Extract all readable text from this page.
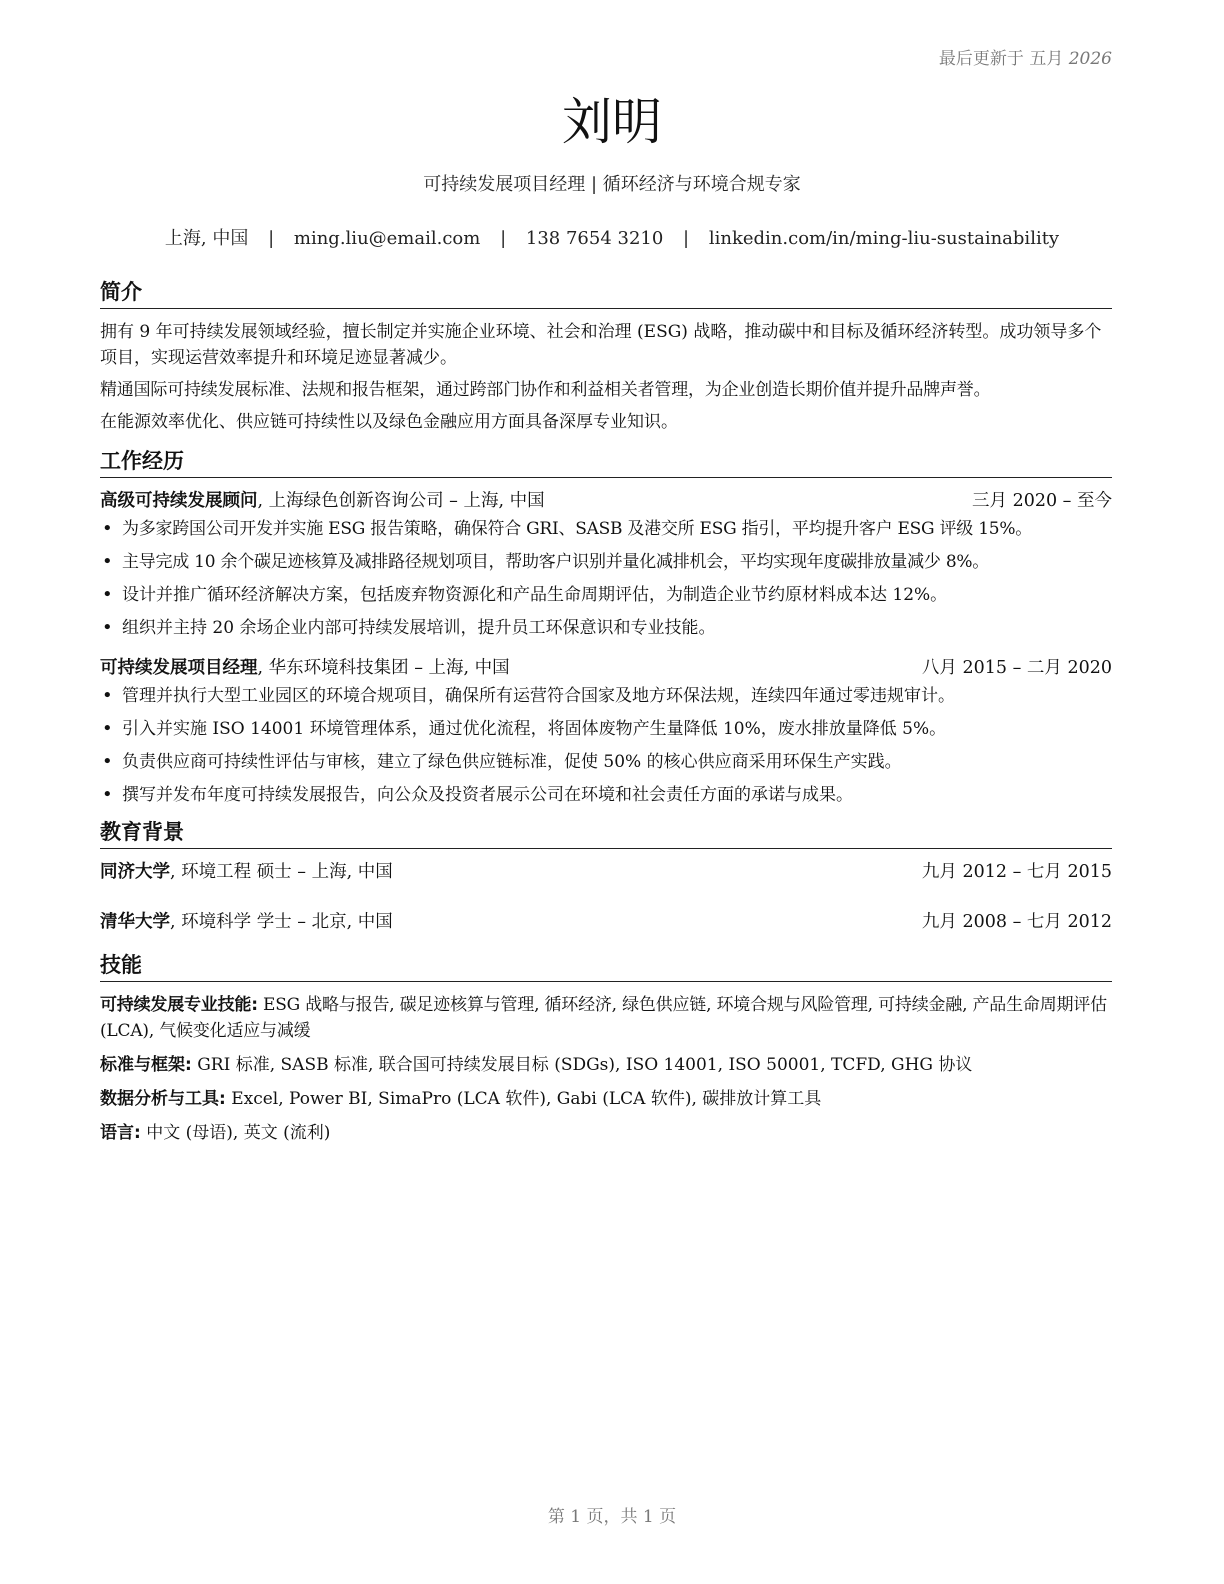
最后更新于 五月 2026
刘明
可持续发展项目经理 | 循环经济与环境合规专家
上海, 中国 | ming.liu@email.com | 138 7654 3210 | linkedin.com/in/ming-liu-sustainability
简介

拥有 9 年可持续发展领域经验，擅长制定并实施企业环境、社会和治理 (ESG) 战略，推动碳中和目标及循环经济转型。成功领导多个项目，实现运营效率提升和环境足迹显著减少。

精通国际可持续发展标准、法规和报告框架，通过跨部门协作和利益相关者管理，为企业创造长期价值并提升品牌声誉。

在能源效率优化、供应链可持续性以及绿色金融应用方面具备深厚专业知识。

工作经历
高级可持续发展顾问, 上海绿色创新咨询公司 – 上海, 中国	三月 2020 – 至今
• 为多家跨国公司开发并实施 ESG 报告策略，确保符合 GRI、SASB 及港交所 ESG 指引，平均提升客户 ESG 评级 15%。
• 主导完成 10 余个碳足迹核算及减排路径规划项目，帮助客户识别并量化减排机会，平均实现年度碳排放量减少 8%。
• 设计并推广循环经济解决方案，包括废弃物资源化和产品生命周期评估，为制造企业节约原材料成本达 12%。
• 组织并主持 20 余场企业内部可持续发展培训，提升员工环保意识和专业技能。
可持续发展项目经理, 华东环境科技集团 – 上海, 中国	八月 2015 – 二月 2020
• 管理并执行大型工业园区的环境合规项目，确保所有运营符合国家及地方环保法规，连续四年通过零违规审计。
• 引入并实施 ISO 14001 环境管理体系，通过优化流程，将固体废物产生量降低 10%，废水排放量降低 5%。
• 负责供应商可持续性评估与审核，建立了绿色供应链标准，促使 50% 的核心供应商采用环保生产实践。
• 撰写并发布年度可持续发展报告，向公众及投资者展示公司在环境和社会责任方面的承诺与成果。
教育背景
同济大学, 环境工程 硕士 – 上海, 中国	九月 2012 – 七月 2015
清华大学, 环境科学 学士 – 北京, 中国	九月 2008 – 七月 2012
技能
可持续发展专业技能: ESG 战略与报告, 碳足迹核算与管理, 循环经济, 绿色供应链, 环境合规与风险管理, 可持续金融, 产品生命周期评估 (LCA), 气候变化适应与减缓
标准与框架: GRI 标准, SASB 标准, 联合国可持续发展目标 (SDGs), ISO 14001, ISO 50001, TCFD, GHG 协议
数据分析与工具: Excel, Power BI, SimaPro (LCA 软件), Gabi (LCA 软件), 碳排放计算工具
语言: 中文 (母语), 英文 (流利)
第 1 页，共 1 页
